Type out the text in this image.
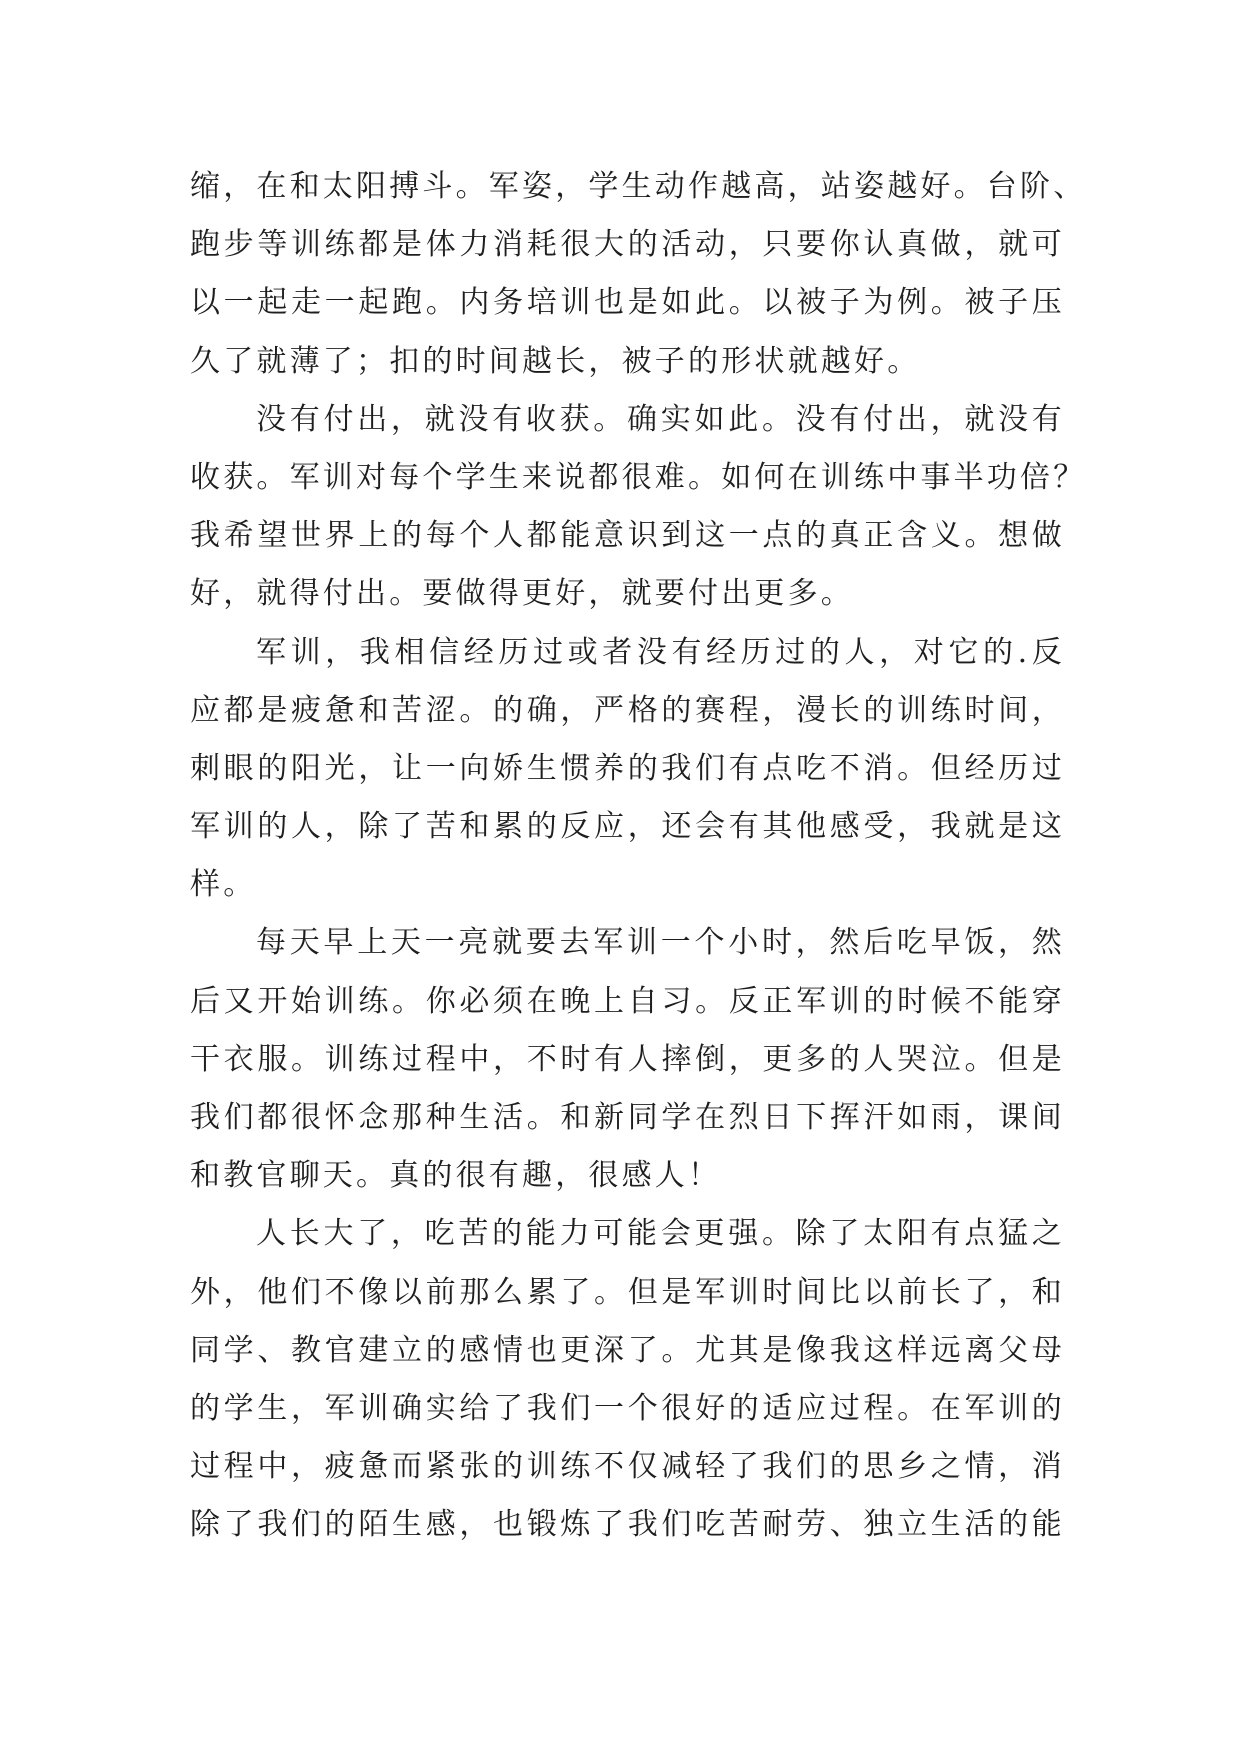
缩，在和太阳搏斗。军姿，学生动作越高，站姿越好。台阶、
跑步等训练都是体力消耗很大的活动，只要你认真做，就可
以一起走一起跑。内务培训也是如此。以被子为例。被子压
久了就薄了；扣的时间越长，被子的形状就越好。
没有付出，就没有收获。确实如此。没有付出，就没有
收获。军训对每个学生来说都很难。如何在训练中事半功倍？
我希望世界上的每个人都能意识到这一点的真正含义。想做
好，就得付出。要做得更好，就要付出更多。
军训，我相信经历过或者没有经历过的人，对它的.反
应都是疲惫和苦涩。的确，严格的赛程，漫长的训练时间，
刺眼的阳光，让一向娇生惯养的我们有点吃不消。但经历过
军训的人，除了苦和累的反应，还会有其他感受，我就是这
样。
每天早上天一亮就要去军训一个小时，然后吃早饭，然
后又开始训练。你必须在晚上自习。反正军训的时候不能穿
干衣服。训练过程中，不时有人摔倒，更多的人哭泣。但是
我们都很怀念那种生活。和新同学在烈日下挥汗如雨，课间
和教官聊天。真的很有趣，很感人！
人长大了，吃苦的能力可能会更强。除了太阳有点猛之
外，他们不像以前那么累了。但是军训时间比以前长了，和
同学、教官建立的感情也更深了。尤其是像我这样远离父母
的学生，军训确实给了我们一个很好的适应过程。在军训的
过程中，疲惫而紧张的训练不仅减轻了我们的思乡之情，消
除了我们的陌生感，也锻炼了我们吃苦耐劳、独立生活的能
